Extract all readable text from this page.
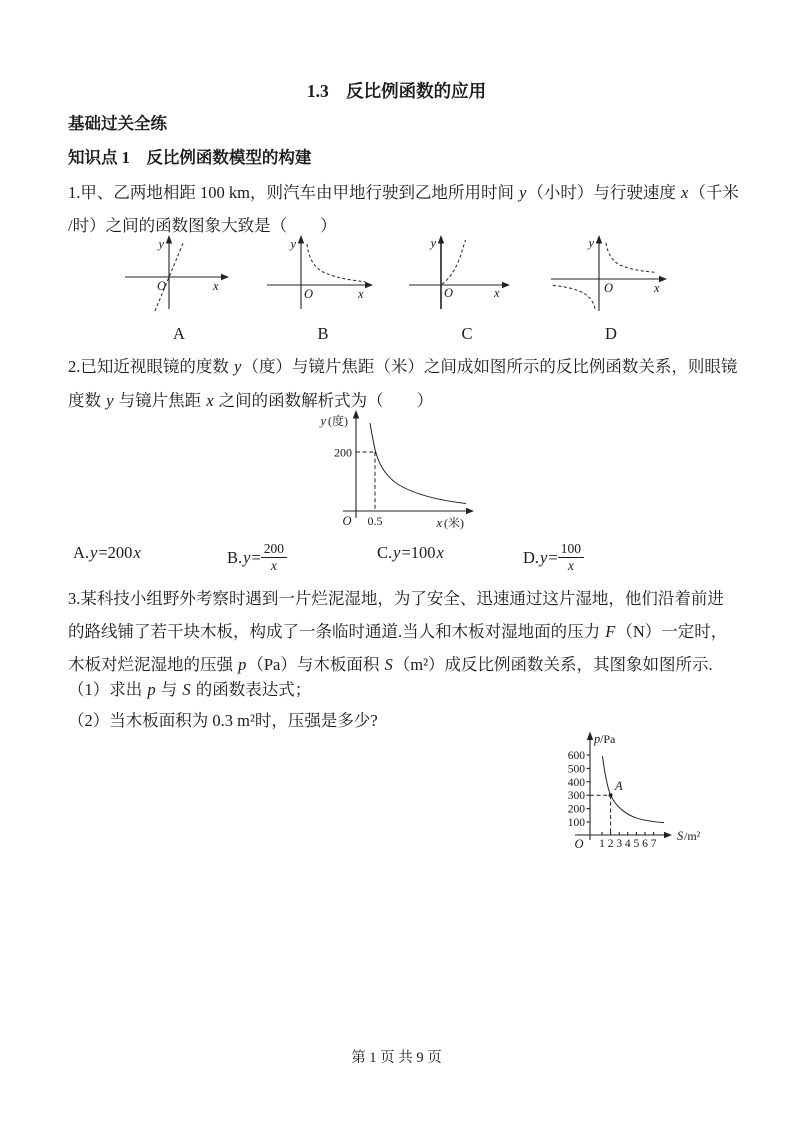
1.3　反比例函数的应用
基础过关全练
知识点 1　反比例函数模型的构建
1.甲、乙两地相距 100 km，则汽车由甲地行驶到乙地所用时间 y（小时）与行驶速度 x（千米
/时）之间的函数图象大致是（　　）
y
O	x
A
y
O	x
B
y
O	x
C
y
O	x
D
2.已知近视眼镜的度数 y（度）与镜片焦距（米）之间成如图所示的反比例函数关系，则眼镜
度数 y 与镜片焦距 x 之间的函数解析式为（　　）
y (度)
200
O 0.5	x (米)
A.y=200x	$B.y= \frac{200}{x}$	C.y=100x	$D.y= \frac{100}{x}$
3.某科技小组野外考察时遇到一片烂泥湿地，为了安全、迅速通过这片湿地，他们沿着前进
的路线铺了若干块木板，构成了一条临时通道.当人和木板对湿地面的压力 F（N）一定时，
木板对烂泥湿地的压强 p（Pa）与木板面积 S（m²）成反比例函数关系，其图象如图所示.
（1）求出 p 与 S 的函数表达式；
（2）当木板面积为 0.3 m²时，压强是多少?
600
500
400
300
200
100
1 2 3 4 5 6 7
A
p /Pa
O
S /m²
第 1 页 共 9 页
